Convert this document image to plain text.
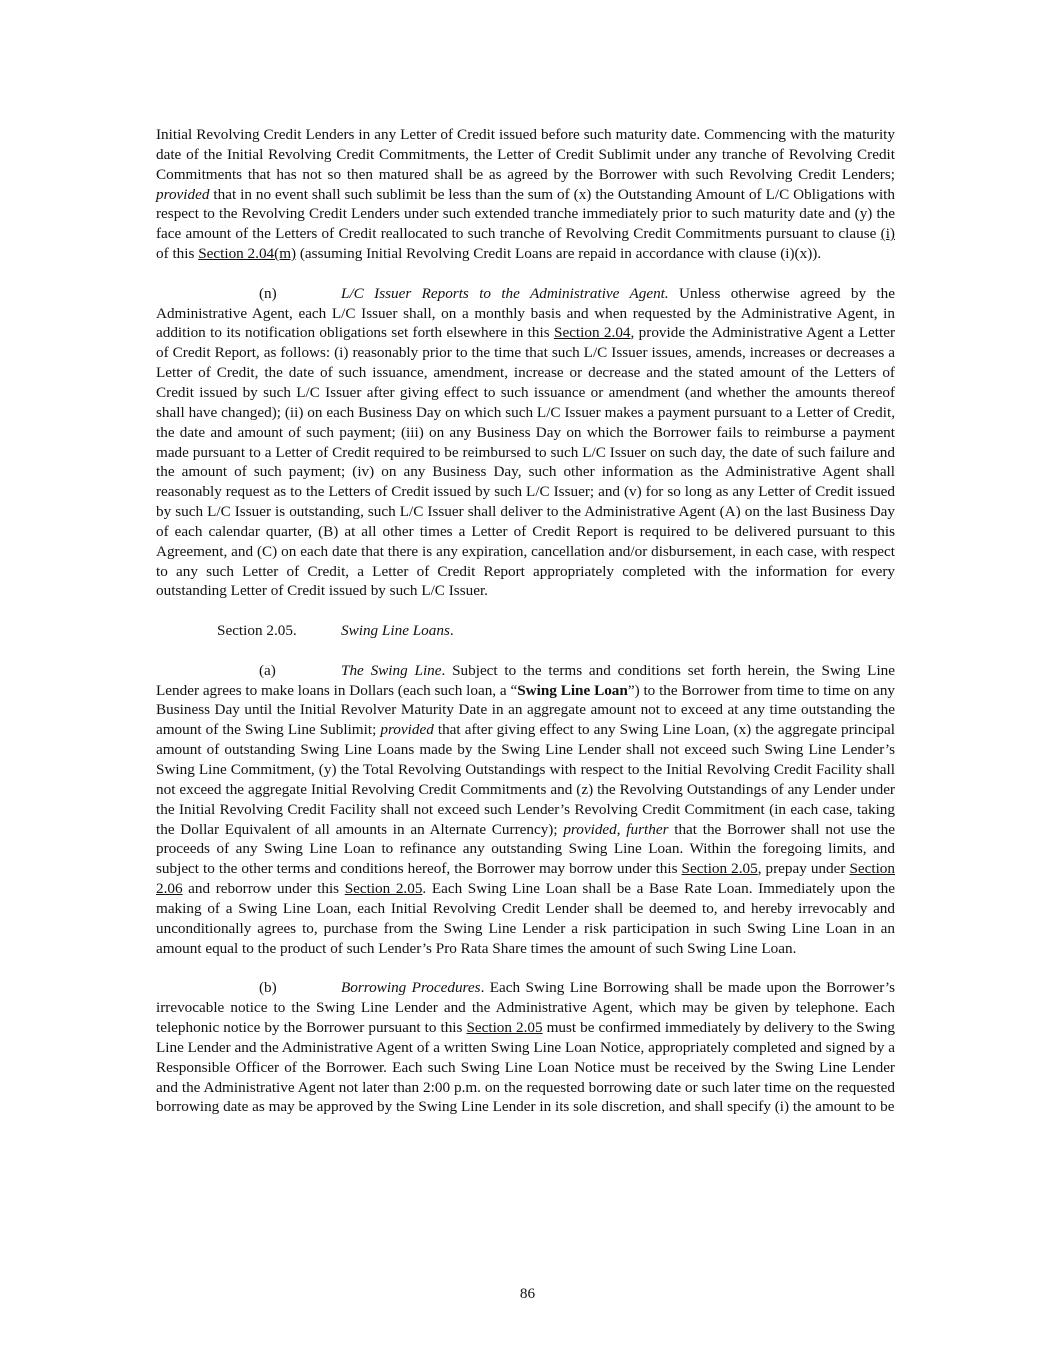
Initial Revolving Credit Lenders in any Letter of Credit issued before such maturity date. Commencing with the maturity date of the Initial Revolving Credit Commitments, the Letter of Credit Sublimit under any tranche of Revolving Credit Commitments that has not so then matured shall be as agreed by the Borrower with such Revolving Credit Lenders; provided that in no event shall such sublimit be less than the sum of (x) the Outstanding Amount of L/C Obligations with respect to the Revolving Credit Lenders under such extended tranche immediately prior to such maturity date and (y) the face amount of the Letters of Credit reallocated to such tranche of Revolving Credit Commitments pursuant to clause (i) of this Section 2.04(m) (assuming Initial Revolving Credit Loans are repaid in accordance with clause (i)(x)).

(n)	L/C Issuer Reports to the Administrative Agent. Unless otherwise agreed by the Administrative Agent, each L/C Issuer shall, on a monthly basis and when requested by the Administrative Agent, in addition to its notification obligations set forth elsewhere in this Section 2.04, provide the Administrative Agent a Letter of Credit Report, as follows: (i) reasonably prior to the time that such L/C Issuer issues, amends, increases or decreases a Letter of Credit, the date of such issuance, amendment, increase or decrease and the stated amount of the Letters of Credit issued by such L/C Issuer after giving effect to such issuance or amendment (and whether the amounts thereof shall have changed); (ii) on each Business Day on which such L/C Issuer makes a payment pursuant to a Letter of Credit, the date and amount of such payment; (iii) on any Business Day on which the Borrower fails to reimburse a payment made pursuant to a Letter of Credit required to be reimbursed to such L/C Issuer on such day, the date of such failure and the amount of such payment; (iv) on any Business Day, such other information as the Administrative Agent shall reasonably request as to the Letters of Credit issued by such L/C Issuer; and (v) for so long as any Letter of Credit issued by such L/C Issuer is outstanding, such L/C Issuer shall deliver to the Administrative Agent (A) on the last Business Day of each calendar quarter, (B) at all other times a Letter of Credit Report is required to be delivered pursuant to this Agreement, and (C) on each date that there is any expiration, cancellation and/or disbursement, in each case, with respect to any such Letter of Credit, a Letter of Credit Report appropriately completed with the information for every outstanding Letter of Credit issued by such L/C Issuer.

Section 2.05.	Swing Line Loans.

(a)	The Swing Line. Subject to the terms and conditions set forth herein, the Swing Line Lender agrees to make loans in Dollars (each such loan, a “Swing Line Loan”) to the Borrower from time to time on any Business Day until the Initial Revolver Maturity Date in an aggregate amount not to exceed at any time outstanding the amount of the Swing Line Sublimit; provided that after giving effect to any Swing Line Loan, (x) the aggregate principal amount of outstanding Swing Line Loans made by the Swing Line Lender shall not exceed such Swing Line Lender’s Swing Line Commitment, (y) the Total Revolving Outstandings with respect to the Initial Revolving Credit Facility shall not exceed the aggregate Initial Revolving Credit Commitments and (z) the Revolving Outstandings of any Lender under the Initial Revolving Credit Facility shall not exceed such Lender’s Revolving Credit Commitment (in each case, taking the Dollar Equivalent of all amounts in an Alternate Currency); provided, further that the Borrower shall not use the proceeds of any Swing Line Loan to refinance any outstanding Swing Line Loan. Within the foregoing limits, and subject to the other terms and conditions hereof, the Borrower may borrow under this Section 2.05, prepay under Section 2.06 and reborrow under this Section 2.05. Each Swing Line Loan shall be a Base Rate Loan. Immediately upon the making of a Swing Line Loan, each Initial Revolving Credit Lender shall be deemed to, and hereby irrevocably and unconditionally agrees to, purchase from the Swing Line Lender a risk participation in such Swing Line Loan in an amount equal to the product of such Lender’s Pro Rata Share times the amount of such Swing Line Loan.

(b)	Borrowing Procedures. Each Swing Line Borrowing shall be made upon the Borrower’s irrevocable notice to the Swing Line Lender and the Administrative Agent, which may be given by telephone. Each telephonic notice by the Borrower pursuant to this Section 2.05 must be confirmed immediately by delivery to the Swing Line Lender and the Administrative Agent of a written Swing Line Loan Notice, appropriately completed and signed by a Responsible Officer of the Borrower. Each such Swing Line Loan Notice must be received by the Swing Line Lender and the Administrative Agent not later than 2:00 p.m. on the requested borrowing date or such later time on the requested borrowing date as may be approved by the Swing Line Lender in its sole discretion, and shall specify (i) the amount to be

86
